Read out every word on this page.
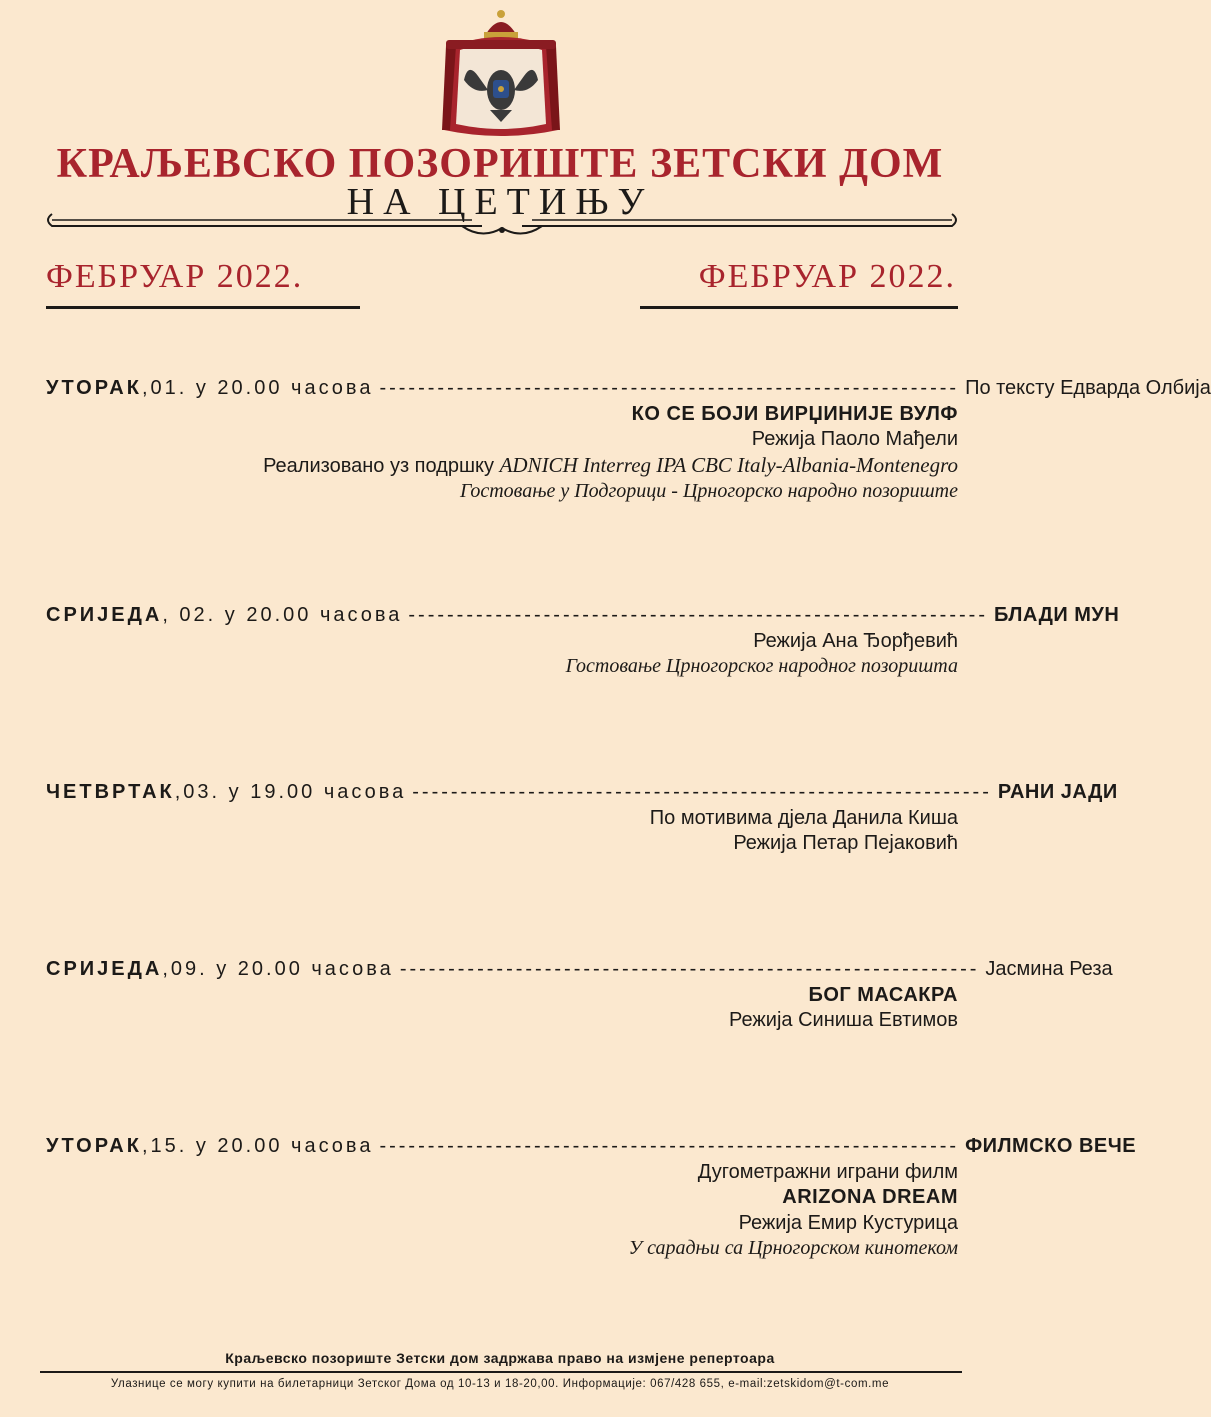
КРАЉЕВСКО ПОЗОРИШТЕ ЗЕТСКИ ДОМ
НА ЦЕТИЊУ
ФЕБРУАР 2022.	ФЕБРУАР 2022.
УТОРАК ,01. у 20.00 часова ------------------------------------------------------------ По тексту Едварда Олбија
КО СЕ БОЈИ ВИРЏИНИЈЕ ВУЛФ
Режија Паоло Мађели
Реализовано уз подршку ADNICH Interreg IPA CBC Italy-Albania-Montenegro
Гостовање у Подгорици - Црногорско народно позориште
СРИЈЕДА , 02. у 20.00 часова ------------------------------------------------------------ БЛАДИ МУН
Режија Ана Ђорђевић
Гостовање Црногорског народног позоришта
ЧЕТВРТАК ,03. у 19.00 часова ------------------------------------------------------------ РАНИ ЈАДИ
По мотивима дјела Данила Киша
Режија Петар Пејаковић
СРИЈЕДА ,09. у 20.00 часова ------------------------------------------------------------ Јасмина Реза
БОГ МАСАКРА
Режија Синиша Евтимов
УТОРАК ,15. у 20.00 часова ------------------------------------------------------------ ФИЛМСКО ВЕЧЕ
Дугометражни играни филм
ARIZONA DREAM
Режија Емир Кустурица
У сарадњи са Црногорском кинотеком
Краљевско позориште Зетски дом задржава право на измјене репертоара
Улазнице се могу купити на билетарници Зетског Дома од 10-13 и 18-20,00. Информације: 067/428 655, e-mail:zetskidom@t-com.me
